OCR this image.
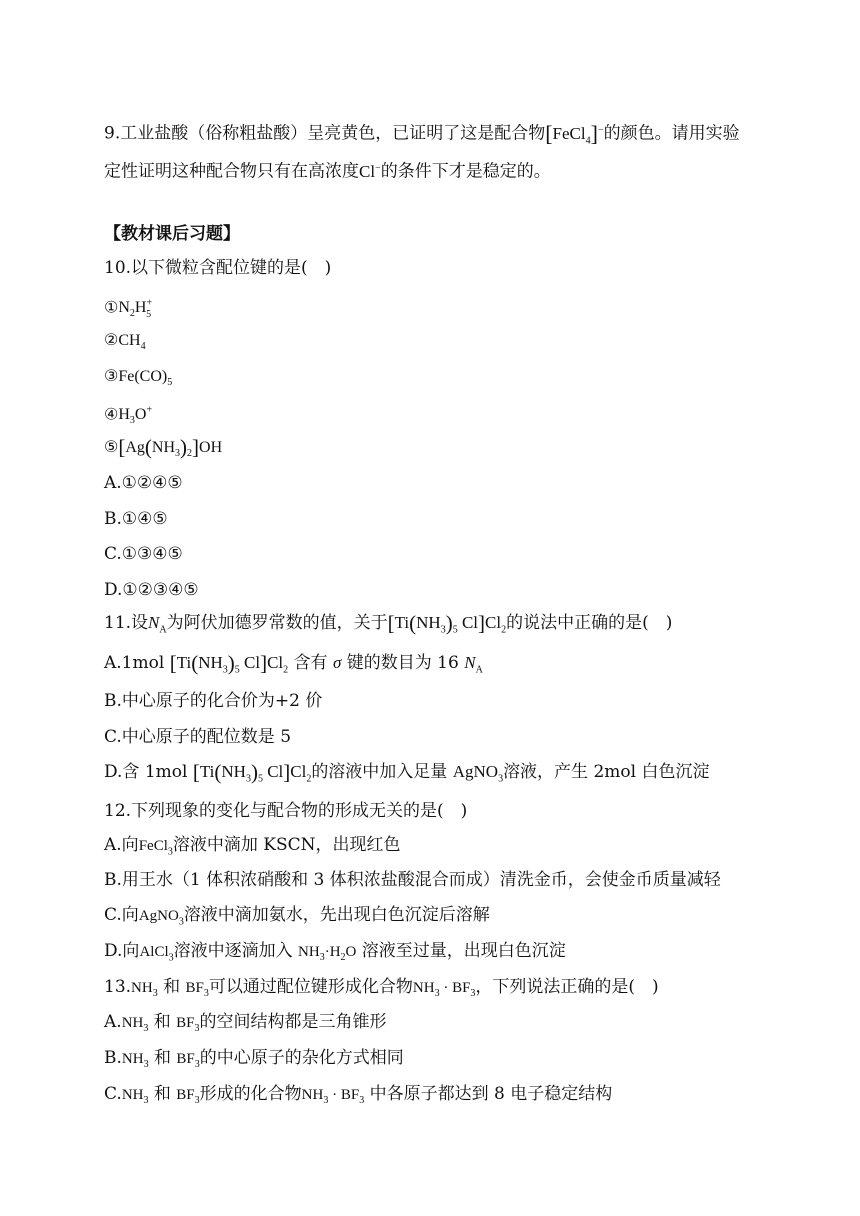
9.工业盐酸（俗称粗盐酸）呈亮黄色，已证明了这是配合物[FeCl$_4$]−的颜色。请用实验
定性证明这种配合物只有在高浓度Cl−的条件下才是稳定的。
【教材课后习题】
10.以下微粒含配位键的是(　)
$①N_2H^+_5$
$②CH_4$
$③Fe(CO)_5$
$④H_3O^+$
$⑤[Ag(NH_3)_2]OH$
A.①②④⑤
B.①④⑤
C.①③④⑤
D.①②③④⑤
11.设$N_A$为阿伏加德罗常数的值，关于[$Ti(NH_3)_5$ $Cl]Cl_2$的说法中正确的是(　)
A.1mol [$Ti(NH_3)_5$ $Cl]Cl_2$ 含有 σ 键的数目为 16 $N_A$
B.中心原子的化合价为+2 价
C.中心原子的配位数是 5
D.含 1mol [$Ti(NH_3)_5$ $Cl]Cl_2$的溶液中加入足量 AgNO$_3$溶液，产生 2mol 白色沉淀
12.下列现象的变化与配合物的形成无关的是(　)
A.向FeCl$_3$溶液中滴加 KSCN，出现红色
B.用王水（1 体积浓硝酸和 3 体积浓盐酸混合而成）清洗金币，会使金币质量减轻
C.向AgNO$_3$溶液中滴加氨水，先出现白色沉淀后溶解
D.向AlCl$_3$溶液中逐滴加入 $NH_3\cdot H_2O$ 溶液至过量，出现白色沉淀
$13.NH_3$ 和 $BF_3$可以通过配位键形成化合物$NH_3 \cdot BF_3$，下列说法正确的是(　)
$A.NH_3$ 和 $BF_3$的空间结构都是三角锥形
$B.NH_3$ 和 $BF_3$的中心原子的杂化方式相同
$C.NH_3$ 和 $BF_3$形成的化合物$NH_3 \cdot BF_3$ 中各原子都达到 8 电子稳定结构
